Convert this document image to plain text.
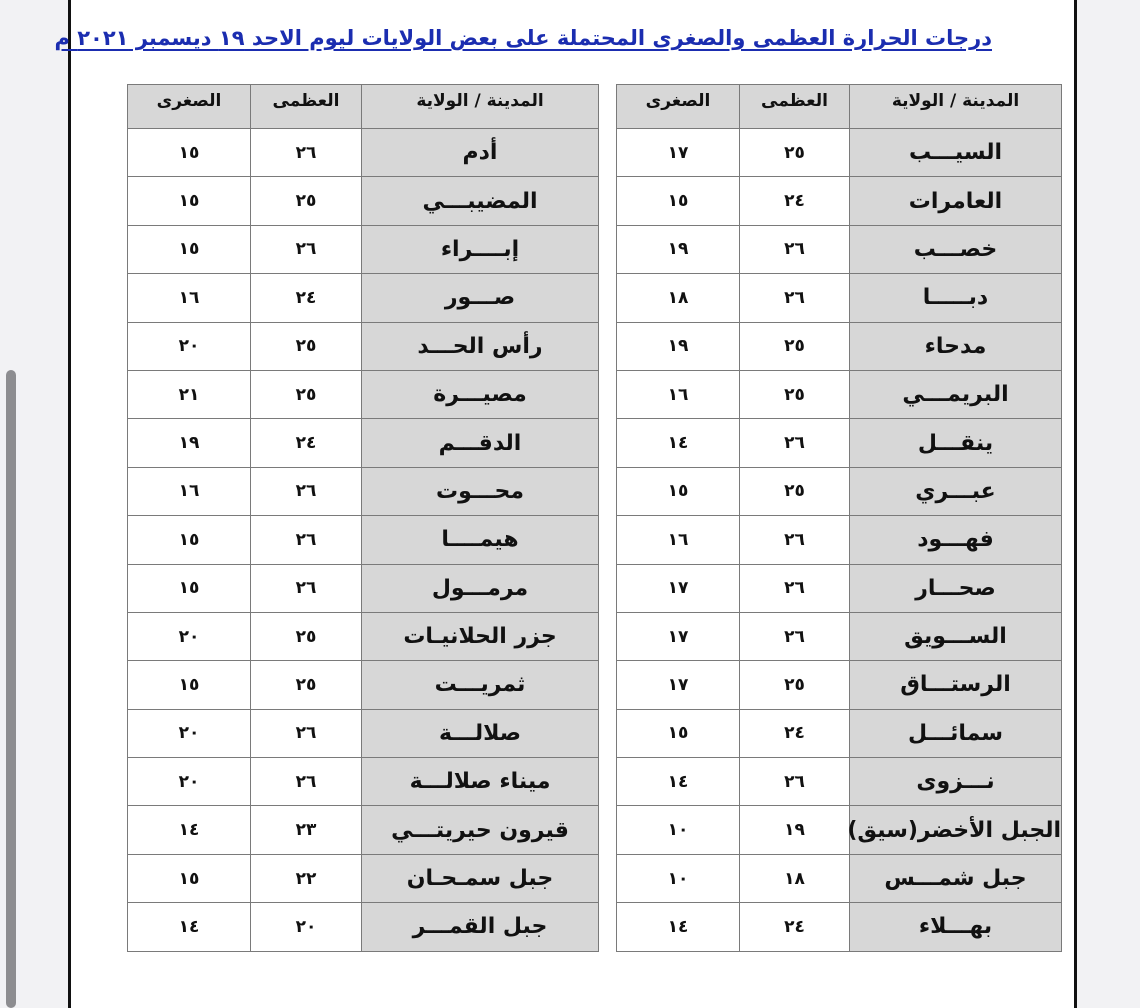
درجات الحرارة العظمى والصغرى المحتملة على بعض الولايات ليوم الاحد ١٩ ديسمبر ٢٠٢١ م
المدينة / الولاية	العظمى	الصغرى
السيـــب	٢٥	١٧
العامرات	٢٤	١٥
خصـــب	٢٦	١٩
دبـــــا	٢٦	١٨
مدحاء	٢٥	١٩
البريمـــي	٢٥	١٦
ينقـــل	٢٦	١٤
عبـــري	٢٥	١٥
فهـــود	٢٦	١٦
صحـــار	٢٦	١٧
الســـويق	٢٦	١٧
الرستـــاق	٢٥	١٧
سمائـــل	٢٤	١٥
نـــزوى	٢٦	١٤
الجبل الأخضر(سيق)	١٩	١٠
جبل شمـــس	١٨	١٠
بهـــلاء	٢٤	١٤
المدينة / الولاية	العظمى	الصغرى
أدم	٢٦	١٥
المضيبـــي	٢٥	١٥
إبــــراء	٢٦	١٥
صـــور	٢٤	١٦
رأس الحـــد	٢٥	٢٠
مصيـــرة	٢٥	٢١
الدقـــم	٢٤	١٩
محـــوت	٢٦	١٦
هيمــــا	٢٦	١٥
مرمـــول	٢٦	١٥
جزر الحلانيـات	٢٥	٢٠
ثمريـــت	٢٥	١٥
صلالـــة	٢٦	٢٠
ميناء صلالـــة	٢٦	٢٠
قيرون حيريتـــي	٢٣	١٤
جبل سمـحـان	٢٢	١٥
جبل القمـــر	٢٠	١٤
